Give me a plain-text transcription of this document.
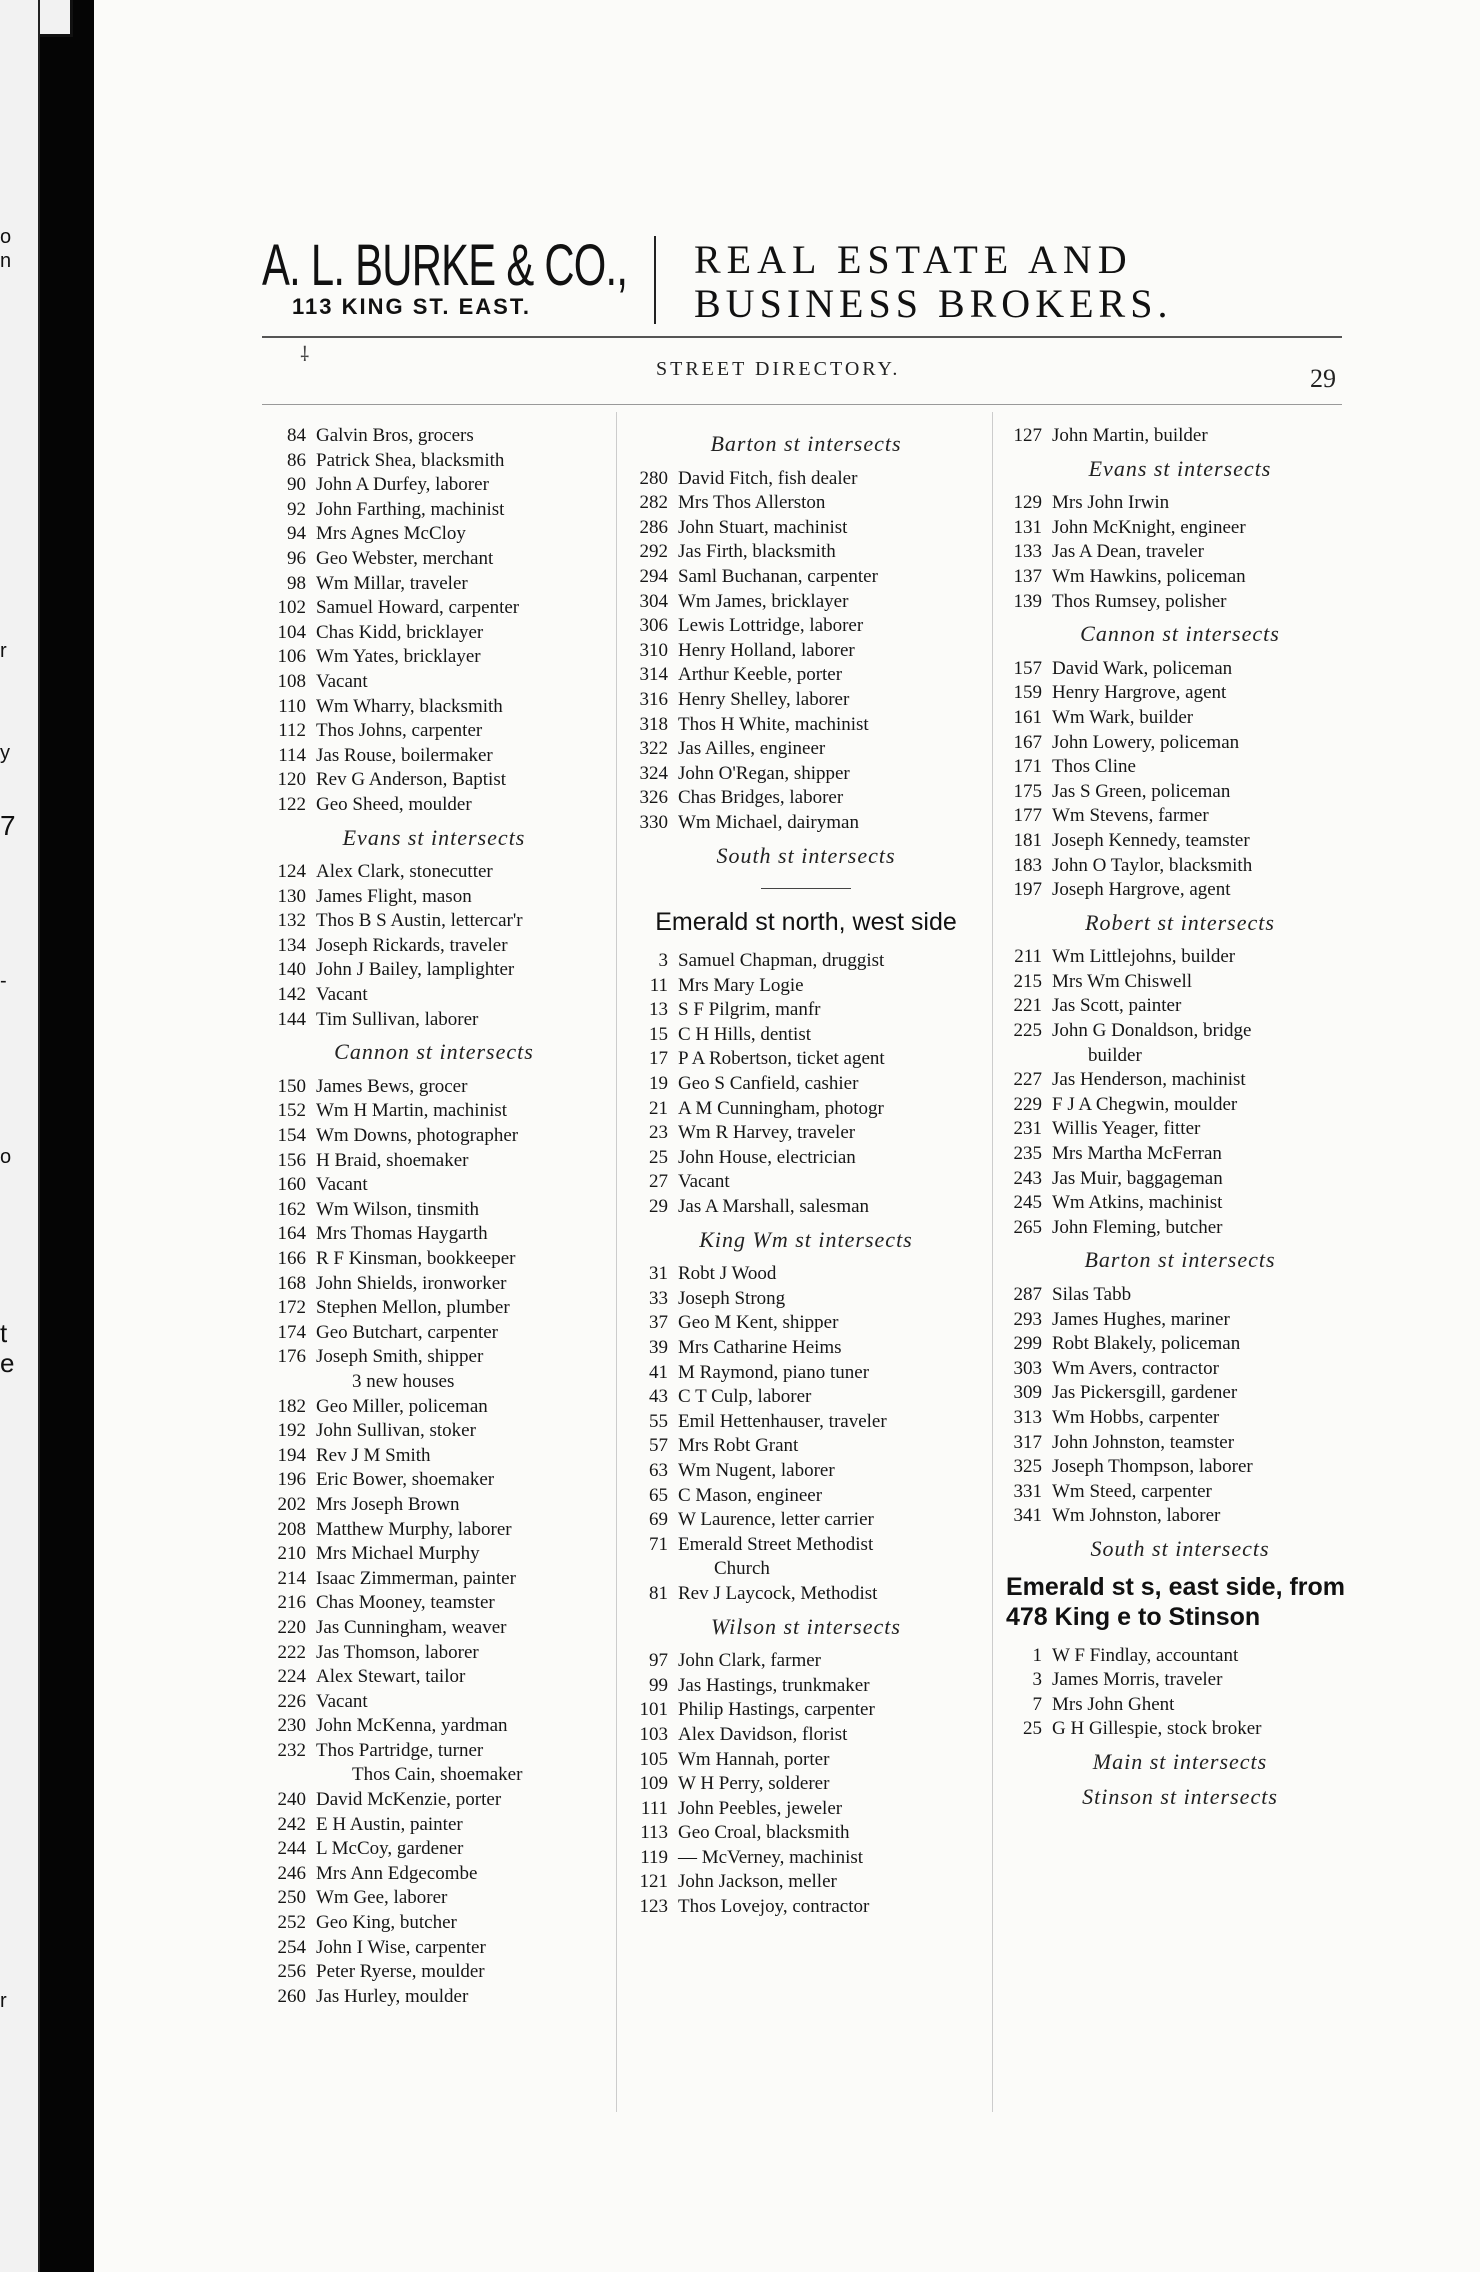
o
n
r
y
7
-
o
t
e
r
A. L. BURKE & CO.,
113 KING ST. EAST.
REAL ESTATE AND
BUSINESS BROKERS.
⸸
STREET DIRECTORY.	29
84 Galvin Bros, grocers
86 Patrick Shea, blacksmith
90 John A Durfey, laborer
92 John Farthing, machinist
94 Mrs Agnes McCloy
96 Geo Webster, merchant
98 Wm Millar, traveler
102 Samuel Howard, carpenter
104 Chas Kidd, bricklayer
106 Wm Yates, bricklayer
108 Vacant
110 Wm Wharry, blacksmith
112 Thos Johns, carpenter
114 Jas Rouse, boilermaker
120 Rev G Anderson, Baptist
122 Geo Sheed, moulder
Evans st intersects
124 Alex Clark, stonecutter
130 James Flight, mason
132 Thos B S Austin, lettercar'r
134 Joseph Rickards, traveler
140 John J Bailey, lamplighter
142 Vacant
144 Tim Sullivan, laborer
Cannon st intersects
150 James Bews, grocer
152 Wm H Martin, machinist
154 Wm Downs, photographer
156 H Braid, shoemaker
160 Vacant
162 Wm Wilson, tinsmith
164 Mrs Thomas Haygarth
166 R F Kinsman, bookkeeper
168 John Shields, ironworker
172 Stephen Mellon, plumber
174 Geo Butchart, carpenter
176 Joseph Smith, shipper
3 new houses
182 Geo Miller, policeman
192 John Sullivan, stoker
194 Rev J M Smith
196 Eric Bower, shoemaker
202 Mrs Joseph Brown
208 Matthew Murphy, laborer
210 Mrs Michael Murphy
214 Isaac Zimmerman, painter
216 Chas Mooney, teamster
220 Jas Cunningham, weaver
222 Jas Thomson, laborer
224 Alex Stewart, tailor
226 Vacant
230 John McKenna, yardman
232 Thos Partridge, turner
Thos Cain, shoemaker
240 David McKenzie, porter
242 E H Austin, painter
244 L McCoy, gardener
246 Mrs Ann Edgecombe
250 Wm Gee, laborer
252 Geo King, butcher
254 John I Wise, carpenter
256 Peter Ryerse, moulder
260 Jas Hurley, moulder
Barton st intersects
280 David Fitch, fish dealer
282 Mrs Thos Allerston
286 John Stuart, machinist
292 Jas Firth, blacksmith
294 Saml Buchanan, carpenter
304 Wm James, bricklayer
306 Lewis Lottridge, laborer
310 Henry Holland, laborer
314 Arthur Keeble, porter
316 Henry Shelley, laborer
318 Thos H White, machinist
322 Jas Ailles, engineer
324 John O'Regan, shipper
326 Chas Bridges, laborer
330 Wm Michael, dairyman
South st intersects
Emerald st north, west side
3 Samuel Chapman, druggist
11 Mrs Mary Logie
13 S F Pilgrim, manfr
15 C H Hills, dentist
17 P A Robertson, ticket agent
19 Geo S Canfield, cashier
21 A M Cunningham, photogr
23 Wm R Harvey, traveler
25 John House, electrician
27 Vacant
29 Jas A Marshall, salesman
King Wm st intersects
31 Robt J Wood
33 Joseph Strong
37 Geo M Kent, shipper
39 Mrs Catharine Heims
41 M Raymond, piano tuner
43 C T Culp, laborer
55 Emil Hettenhauser, traveler
57 Mrs Robt Grant
63 Wm Nugent, laborer
65 C Mason, engineer
69 W Laurence, letter carrier
71 Emerald Street Methodist
Church
81 Rev J Laycock, Methodist
Wilson st intersects
97 John Clark, farmer
99 Jas Hastings, trunkmaker
101 Philip Hastings, carpenter
103 Alex Davidson, florist
105 Wm Hannah, porter
109 W H Perry, solderer
111 John Peebles, jeweler
113 Geo Croal, blacksmith
119 — McVerney, machinist
121 John Jackson, meller
123 Thos Lovejoy, contractor
127 John Martin, builder
Evans st intersects
129 Mrs John Irwin
131 John McKnight, engineer
133 Jas A Dean, traveler
137 Wm Hawkins, policeman
139 Thos Rumsey, polisher
Cannon st intersects
157 David Wark, policeman
159 Henry Hargrove, agent
161 Wm Wark, builder
167 John Lowery, policeman
171 Thos Cline
175 Jas S Green, policeman
177 Wm Stevens, farmer
181 Joseph Kennedy, teamster
183 John O Taylor, blacksmith
197 Joseph Hargrove, agent
Robert st intersects
211 Wm Littlejohns, builder
215 Mrs Wm Chiswell
221 Jas Scott, painter
225 John G Donaldson, bridge
builder
227 Jas Henderson, machinist
229 F J A Chegwin, moulder
231 Willis Yeager, fitter
235 Mrs Martha McFerran
243 Jas Muir, baggageman
245 Wm Atkins, machinist
265 John Fleming, butcher
Barton st intersects
287 Silas Tabb
293 James Hughes, mariner
299 Robt Blakely, policeman
303 Wm Avers, contractor
309 Jas Pickersgill, gardener
313 Wm Hobbs, carpenter
317 John Johnston, teamster
325 Joseph Thompson, laborer
331 Wm Steed, carpenter
341 Wm Johnston, laborer
South st intersects
Emerald st s, east side, from 478 King e to Stinson
1 W F Findlay, accountant
3 James Morris, traveler
7 Mrs John Ghent
25 G H Gillespie, stock broker
Main st intersects
Stinson st intersects
